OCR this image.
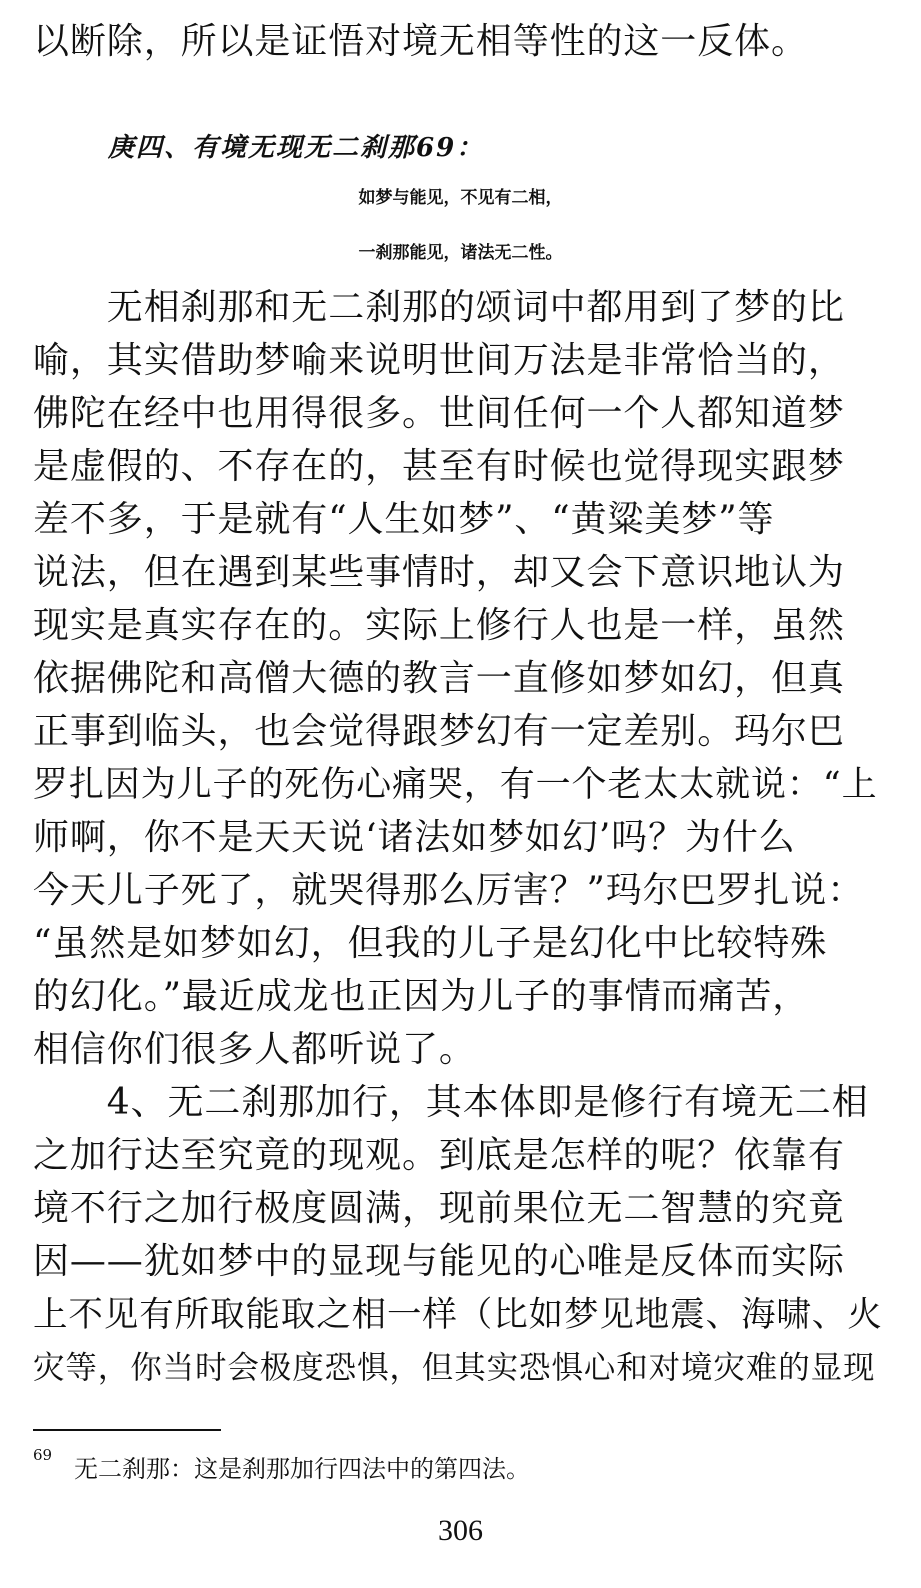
以断除，所以是证悟对境无相等性的这一反体。
庚四、有境无现无二刹那69：
如梦与能见，不见有二相，
一刹那能见，诸法无二性。
　　无相刹那和无二刹那的颂词中都用到了梦的比
喻，其实借助梦喻来说明世间万法是非常恰当的，
佛陀在经中也用得很多。世间任何一个人都知道梦
是虚假的、不存在的，甚至有时候也觉得现实跟梦
差不多，于是就有“人生如梦”、“黄粱美梦”等
说法，但在遇到某些事情时，却又会下意识地认为
现实是真实存在的。实际上修行人也是一样，虽然
依据佛陀和高僧大德的教言一直修如梦如幻，但真
正事到临头，也会觉得跟梦幻有一定差别。玛尔巴
罗扎因为儿子的死伤心痛哭，有一个老太太就说：“上
师啊，你不是天天说‘诸法如梦如幻’吗？为什么
今天儿子死了，就哭得那么厉害？”玛尔巴罗扎说：
“虽然是如梦如幻，但我的儿子是幻化中比较特殊
的幻化。”最近成龙也正因为儿子的事情而痛苦，
相信你们很多人都听说了。
　　4、无二刹那加行，其本体即是修行有境无二相
之加行达至究竟的现观。到底是怎样的呢？依靠有
境不行之加行极度圆满，现前果位无二智慧的究竟
因——犹如梦中的显现与能见的心唯是反体而实际
上不见有所取能取之相一样（比如梦见地震、海啸、火
灾等，你当时会极度恐惧，但其实恐惧心和对境灾难的显现
69 无二刹那：这是刹那加行四法中的第四法。
306
